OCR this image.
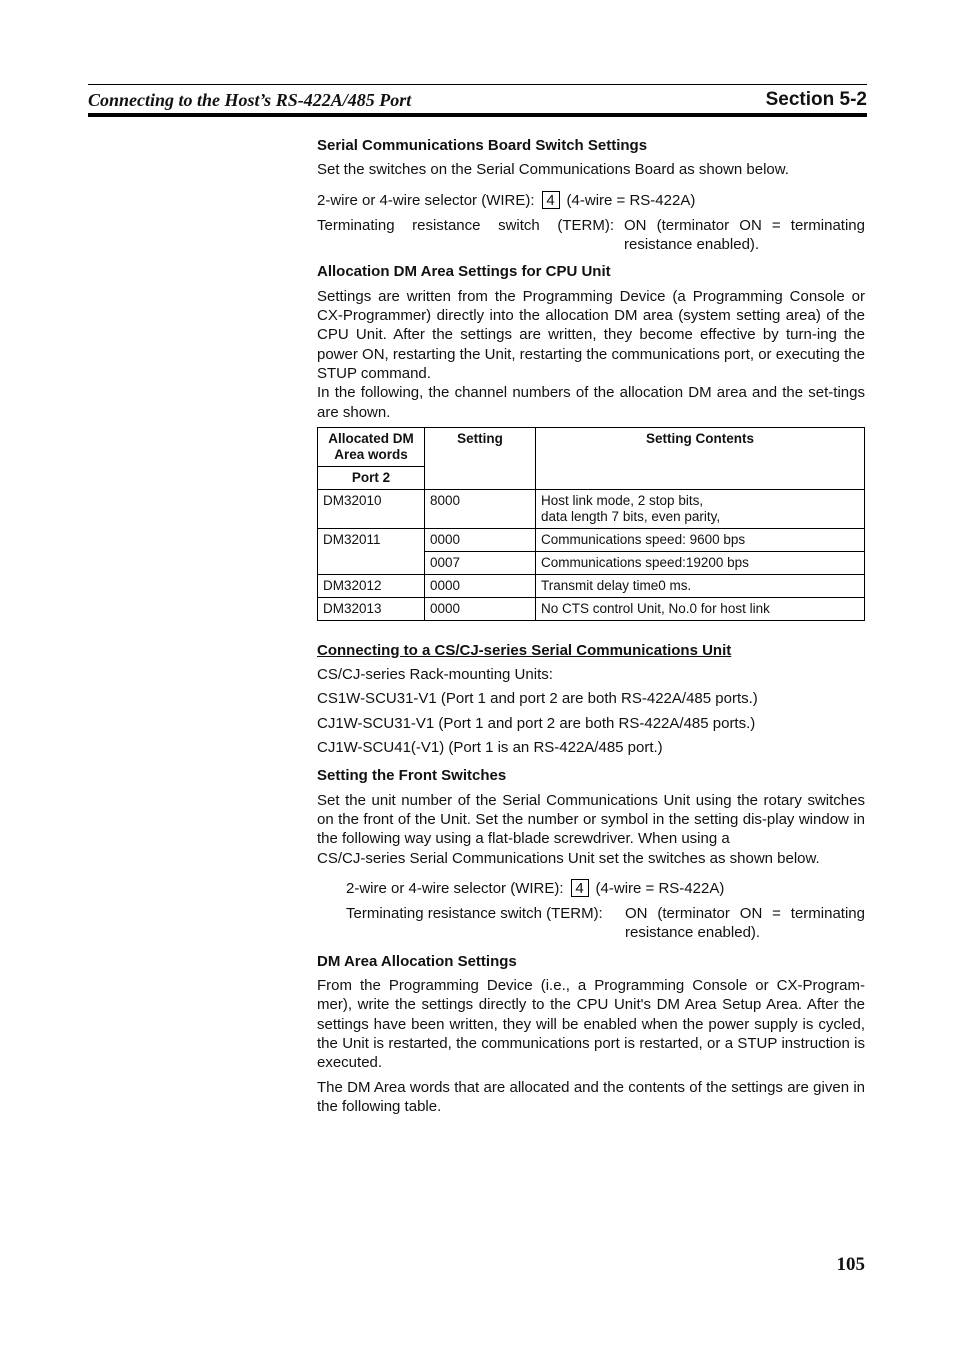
Connecting to the Host’s RS-422A/485 Port	Section 5-2
Serial Communications Board Switch Settings

Set the switches on the Serial Communications Board as shown below.

2-wire or 4-wire selector (WIRE): 4 (4-wire = RS-422A)
Terminating resistance switch (TERM): ON (terminator ON = terminating
resistance enabled).
Allocation DM Area Settings for CPU Unit

Settings are written from the Programming Device (a Programming Console or CX-Programmer) directly into the allocation DM area (system setting area) of the CPU Unit. After the settings are written, they become effective by turn-ing the power ON, restarting the Unit, restarting the communications port, or executing the STUP command.

In the following, the channel numbers of the allocation DM area and the set-tings are shown.

Allocated DM Area words	Setting	Setting Contents
Port 2		
DM32010	8000	Host link mode, 2 stop bits,
data length 7 bits, even parity,

DM32011	0000	Communications speed: 9600 bps
	0007	Communications speed:19200 bps
DM32012	0000	Transmit delay time0 ms.
DM32013	0000	No CTS control Unit, No.0 for host link
Connecting to a CS/CJ-series Serial Communications Unit

CS/CJ-series Rack-mounting Units:

CS1W-SCU31-V1 (Port 1 and port 2 are both RS-422A/485 ports.)

CJ1W-SCU31-V1 (Port 1 and port 2 are both RS-422A/485 ports.)

CJ1W-SCU41(-V1) (Port 1 is an RS-422A/485 port.)

Setting the Front Switches

Set the unit number of the Serial Communications Unit using the rotary switches on the front of the Unit. Set the number or symbol in the setting dis-play window in the following way using a flat-blade screwdriver. When using a

CS/CJ-series Serial Communications Unit set the switches as shown below.

2-wire or 4-wire selector (WIRE): 4 (4-wire = RS-422A)
Terminating resistance switch (TERM):	ON (terminator ON = terminating
resistance enabled).
DM Area Allocation Settings

From the Programming Device (i.e., a Programming Console or CX-Program-mer), write the settings directly to the CPU Unit's DM Area Setup Area. After the settings have been written, they will be enabled when the power supply is cycled, the Unit is restarted, the communications port is restarted, or a STUP instruction is executed.

The DM Area words that are allocated and the contents of the settings are given in the following table.

105
